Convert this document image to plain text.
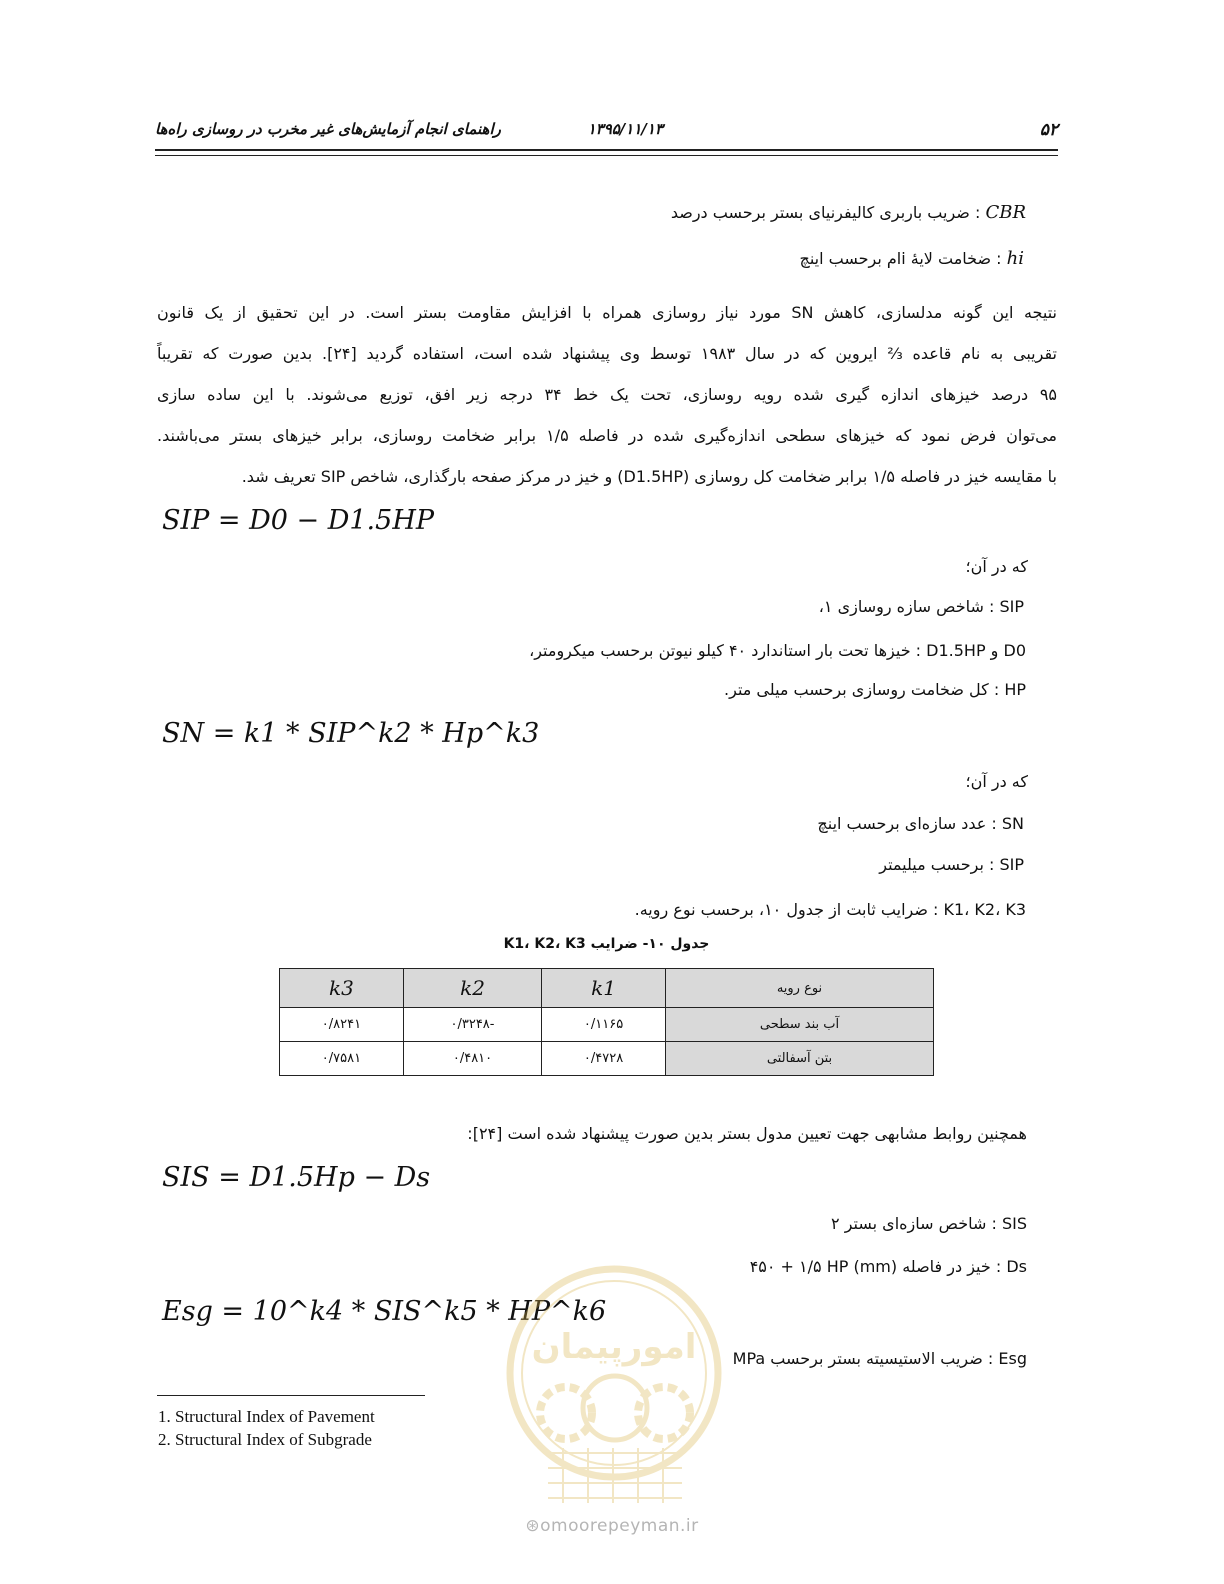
۵۲
۱۳۹۵/۱۱/۱۳
راهنمای انجام آزمایش‌های غیر مخرب در روسازی راه‌ها
CBR : ضریب باربری کالیفرنیای بستر برحسب درصد
hi : ضخامت لایهٔ iام برحسب اینچ
نتیجه این گونه مدلسازی، کاهش SN مورد نیاز روسازی همراه با افزایش مقاومت بستر است. در این تحقیق از یک قانون
تقریبی به نام قاعده ⅔ ایروین که در سال ۱۹۸۳ توسط وی پیشنهاد شده است، استفاده گردید [۲۴]. بدین صورت که تقریباً
۹۵ درصد خیزهای اندازه گیری شده رویه روسازی، تحت یک خط ۳۴ درجه زیر افق، توزیع می‌شوند. با این ساده سازی
می‌توان فرض نمود که خیزهای سطحی اندازه‌گیری شده در فاصله ۱/۵ برابر ضخامت روسازی، برابر خیزهای بستر می‌باشند.
با مقایسه خیز در فاصله ۱/۵ برابر ضخامت کل روسازی (D1.5HP) و خیز در مرکز صفحه بارگذاری، شاخص SIP تعریف شد.
SIP = D0 − D1.5HP
که در آن؛
SIP : شاخص سازه روسازی ۱،
D0 و D1.5HP : خیزها تحت بار استاندارد ۴۰ کیلو نیوتن برحسب میکرومتر،
HP : کل ضخامت روسازی برحسب میلی متر.
SN = k1 * SIP^k2 * Hp^k3
که در آن؛
SN : عدد سازه‌ای برحسب اینچ
SIP : برحسب میلیمتر
K1، K2، K3 : ضرایب ثابت از جدول ۱۰، برحسب نوع رویه.
جدول ۱۰- ضرایب K1، K2، K3
نوع رویه	k1	k2	k3
آب بند سطحی	۰/۱۱۶۵	-۰/۳۲۴۸	۰/۸۲۴۱
بتن آسفالتی	۰/۴۷۲۸	۰/۴۸۱۰	۰/۷۵۸۱
همچنین روابط مشابهی جهت تعیین مدول بستر بدین صورت پیشنهاد شده است [۲۴]:
SIS = D1.5Hp − Ds
SIS : شاخص سازه‌ای بستر ۲
Ds : خیز در فاصله (mm) ۴۵۰ + ۱/۵ HP
Esg = 10^k4 * SIS^k5 * HP^k6
Esg : ضریب الاستیسیته بستر برحسب MPa
1. Structural Index of Pavement
2. Structural Index of Subgrade
امورپیمان
امورپیمان
⊛omoorepeyman.ir
